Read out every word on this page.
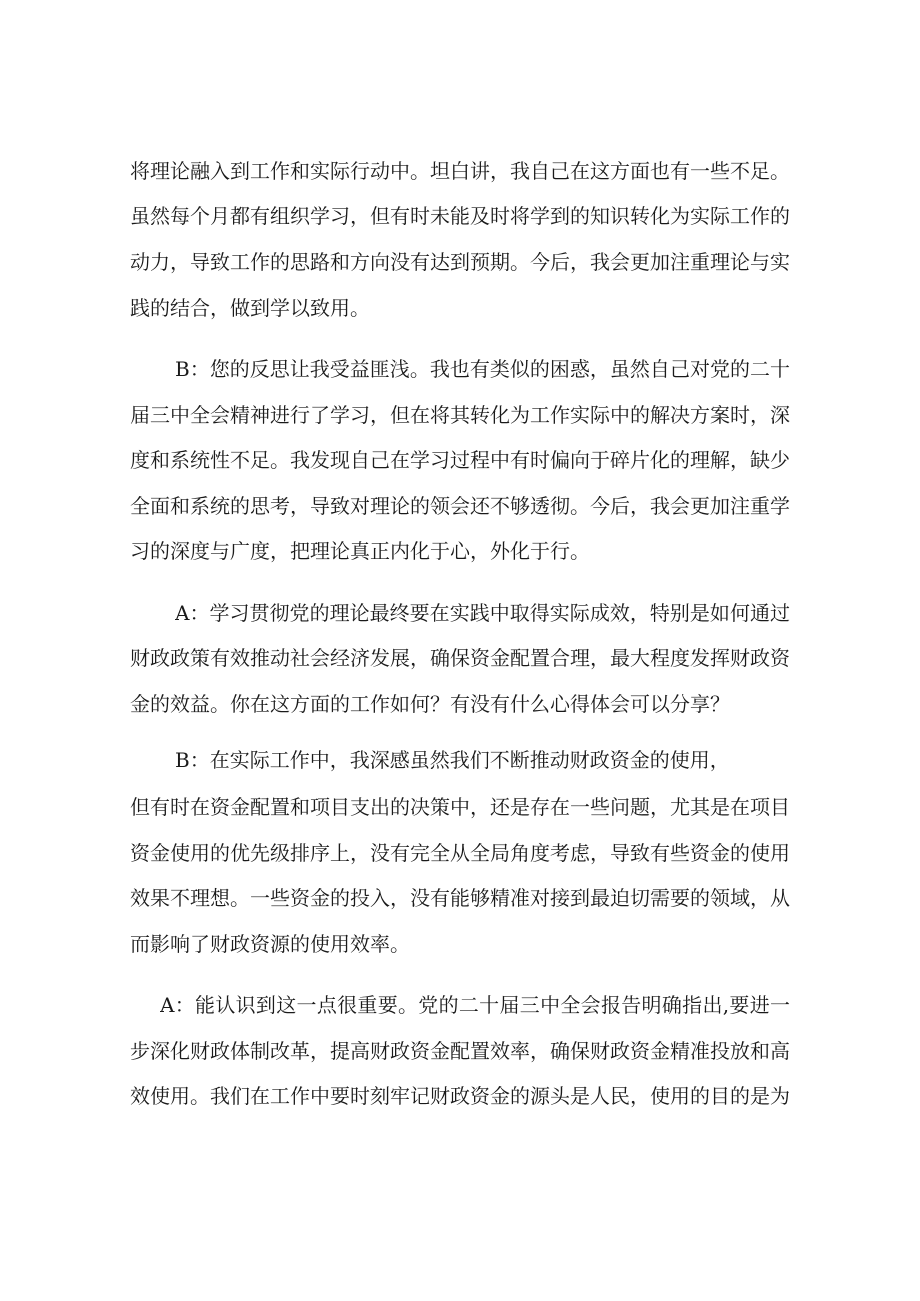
将理论融入到工作和实际行动中。坦白讲，我自己在这方面也有一些不足。
虽然每个月都有组织学习，但有时未能及时将学到的知识转化为实际工作的
动力，导致工作的思路和方向没有达到预期。今后，我会更加注重理论与实
践的结合，做到学以致用。
B：您的反思让我受益匪浅。我也有类似的困惑，虽然自己对党的二十
届三中全会精神进行了学习，但在将其转化为工作实际中的解决方案时，深
度和系统性不足。我发现自己在学习过程中有时偏向于碎片化的理解，缺少
全面和系统的思考，导致对理论的领会还不够透彻。今后，我会更加注重学
习的深度与广度，把理论真正内化于心，外化于行。
A：学习贯彻党的理论最终要在实践中取得实际成效，特别是如何通过
财政政策有效推动社会经济发展，确保资金配置合理，最大程度发挥财政资
金的效益。你在这方面的工作如何？有没有什么心得体会可以分享？
B：在实际工作中，我深感虽然我们不断推动财政资金的使用，
但有时在资金配置和项目支出的决策中，还是存在一些问题，尤其是在项目
资金使用的优先级排序上，没有完全从全局角度考虑，导致有些资金的使用
效果不理想。一些资金的投入，没有能够精准对接到最迫切需要的领域，从
而影响了财政资源的使用效率。
A：能认识到这一点很重要。党的二十届三中全会报告明确指出,要进一
步深化财政体制改革，提高财政资金配置效率，确保财政资金精准投放和高
效使用。我们在工作中要时刻牢记财政资金的源头是人民，使用的目的是为
